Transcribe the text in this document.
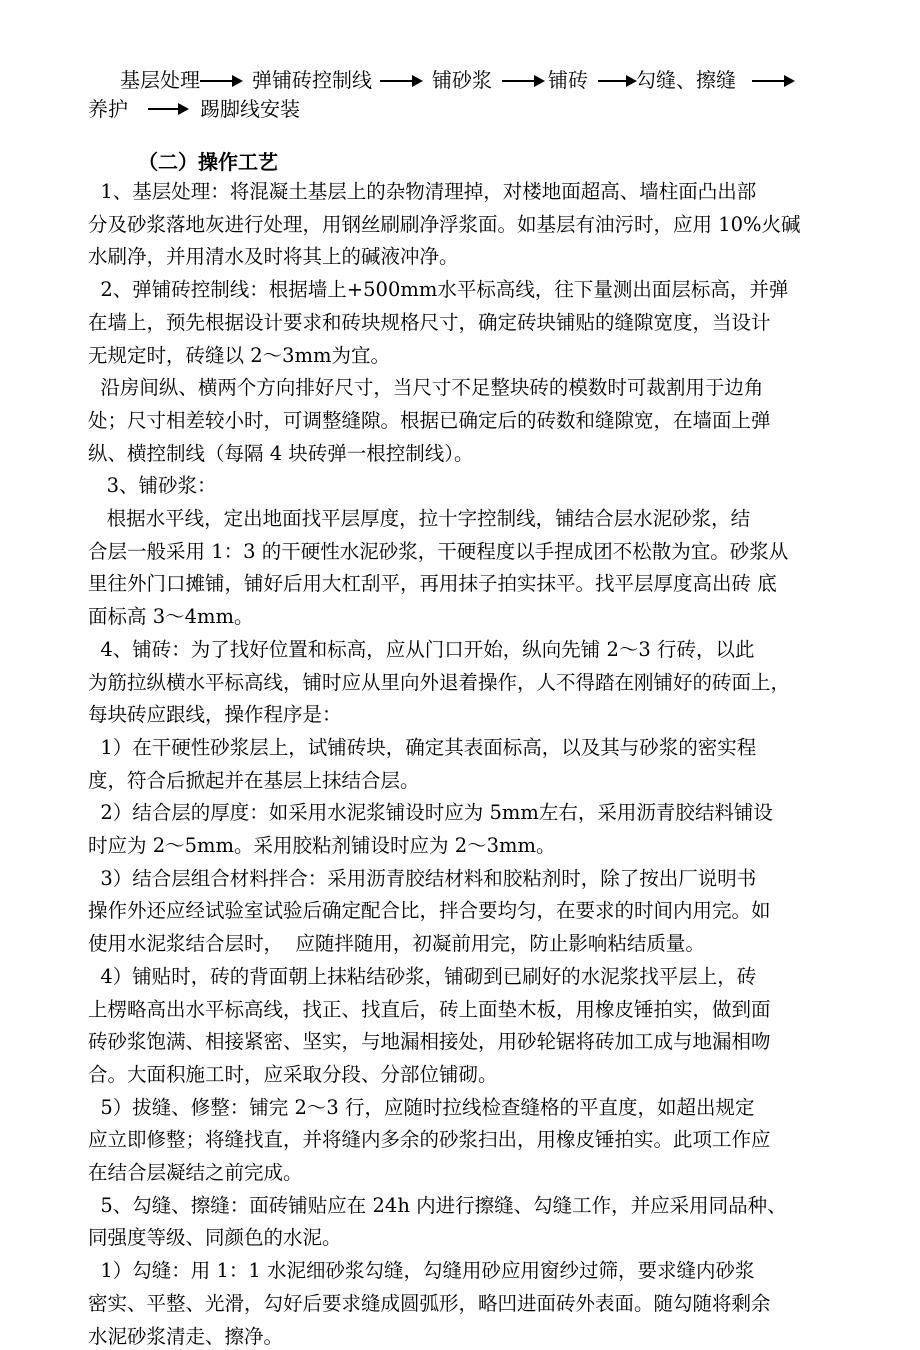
基层处理	弹铺砖控制线	铺砂浆	铺砖 勾缝、擦缝
养护	踢脚线安装
（二）操作工艺
1、基层处理：将混凝土基层上的杂物清理掉，对楼地面超高、墙柱面凸出部
分及砂浆落地灰进行处理，用钢丝刷刷净浮浆面。如基层有油污时，应用 10%火碱
水刷净，并用清水及时将其上的碱液冲净。
2、弹铺砖控制线：根据墙上+500mm水平标高线，往下量测出面层标高，并弹
在墙上，预先根据设计要求和砖块规格尺寸，确定砖块铺贴的缝隙宽度，当设计
无规定时，砖缝以 2～3mm为宜。
沿房间纵、横两个方向排好尺寸，当尺寸不足整块砖的模数时可裁割用于边角
处；尺寸相差较小时，可调整缝隙。根据已确定后的砖数和缝隙宽，在墙面上弹
纵、横控制线（每隔 4 块砖弹一根控制线）。
3、铺砂浆：
根据水平线，定出地面找平层厚度，拉十字控制线，铺结合层水泥砂浆，结
合层一般采用 1：3 的干硬性水泥砂浆，干硬程度以手捏成团不松散为宜。砂浆从
里往外门口摊铺，铺好后用大杠刮平，再用抹子拍实抹平。找平层厚度高出砖 底
面标高 3～4mm。
4、铺砖：为了找好位置和标高，应从门口开始，纵向先铺 2～3 行砖，以此
为筋拉纵横水平标高线，铺时应从里向外退着操作，人不得踏在刚铺好的砖面上，
每块砖应跟线，操作程序是：
1）在干硬性砂浆层上，试铺砖块，确定其表面标高，以及其与砂浆的密实程
度，符合后掀起并在基层上抹结合层。
2）结合层的厚度：如采用水泥浆铺设时应为 5mm左右，采用沥青胶结料铺设
时应为 2～5mm。采用胶粘剂铺设时应为 2～3mm。
3）结合层组合材料拌合：采用沥青胶结材料和胶粘剂时，除了按出厂说明书
操作外还应经试验室试验后确定配合比，拌合要均匀，在要求的时间内用完。如
使用水泥浆结合层时，  应随拌随用，初凝前用完，防止影响粘结质量。
4）铺贴时，砖的背面朝上抹粘结砂浆，铺砌到已刷好的水泥浆找平层上，砖
上楞略高出水平标高线，找正、找直后，砖上面垫木板，用橡皮锤拍实，做到面
砖砂浆饱满、相接紧密、坚实，与地漏相接处，用砂轮锯将砖加工成与地漏相吻
合。大面积施工时，应采取分段、分部位铺砌。
5）拔缝、修整：铺完 2～3 行，应随时拉线检查缝格的平直度，如超出规定
应立即修整；将缝找直，并将缝内多余的砂浆扫出，用橡皮锤拍实。此项工作应
在结合层凝结之前完成。
5、勾缝、擦缝：面砖铺贴应在 24h 内进行擦缝、勾缝工作，并应采用同品种、
同强度等级、同颜色的水泥。
1）勾缝：用 1：1 水泥细砂浆勾缝，勾缝用砂应用窗纱过筛，要求缝内砂浆
密实、平整、光滑，勾好后要求缝成圆弧形，略凹进面砖外表面。随勾随将剩余
水泥砂浆清走、擦净。
